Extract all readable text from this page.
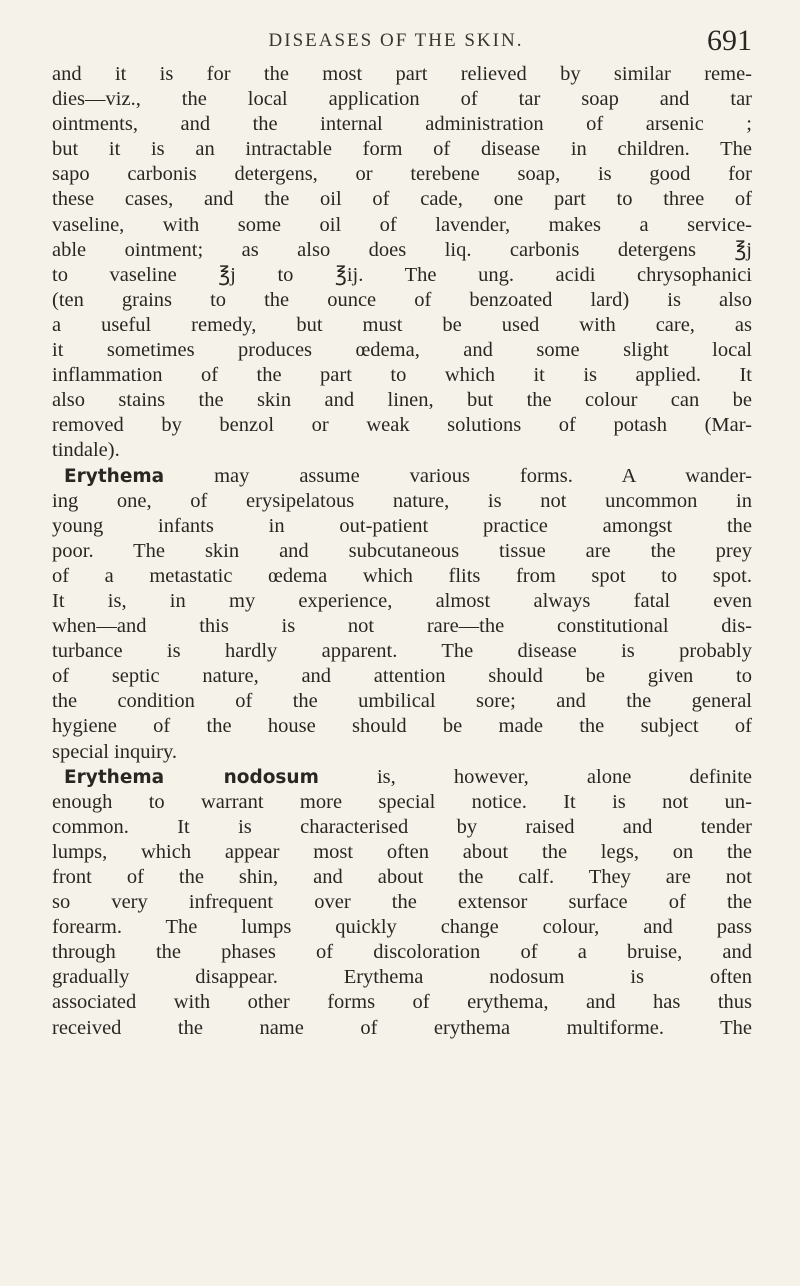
DISEASES OF THE SKIN.	691
and it is for the most part relieved by similar reme-
dies—viz., the local application of tar soap and tar
ointments, and the internal administration of arsenic ;
but it is an intractable form of disease in children. The
sapo carbonis detergens, or terebene soap, is good for
these cases, and the oil of cade, one part to three of
vaseline, with some oil of lavender, makes a service-
able ointment; as also does liq. carbonis detergens ℥j
to vaseline ℥j to ℥ij. The ung. acidi chrysophanici
(ten grains to the ounce of benzoated lard) is also
a useful remedy, but must be used with care, as
it sometimes produces œdema, and some slight local
inflammation of the part to which it is applied. It
also stains the skin and linen, but the colour can be
removed by benzol or weak solutions of potash (Mar-
tindale).
Erythema may assume various forms. A wander-
ing one, of erysipelatous nature, is not uncommon in
young infants in out-patient practice amongst the
poor. The skin and subcutaneous tissue are the prey
of a metastatic œdema which flits from spot to spot.
It is, in my experience, almost always fatal even
when—and this is not rare—the constitutional dis-
turbance is hardly apparent. The disease is probably
of septic nature, and attention should be given to
the condition of the umbilical sore; and the general
hygiene of the house should be made the subject of
special inquiry.
Erythema nodosum is, however, alone definite
enough to warrant more special notice. It is not un-
common. It is characterised by raised and tender
lumps, which appear most often about the legs, on the
front of the shin, and about the calf. They are not
so very infrequent over the extensor surface of the
forearm. The lumps quickly change colour, and pass
through the phases of discoloration of a bruise, and
gradually disappear. Erythema nodosum is often
associated with other forms of erythema, and has thus
received the name of erythema multiforme. The
